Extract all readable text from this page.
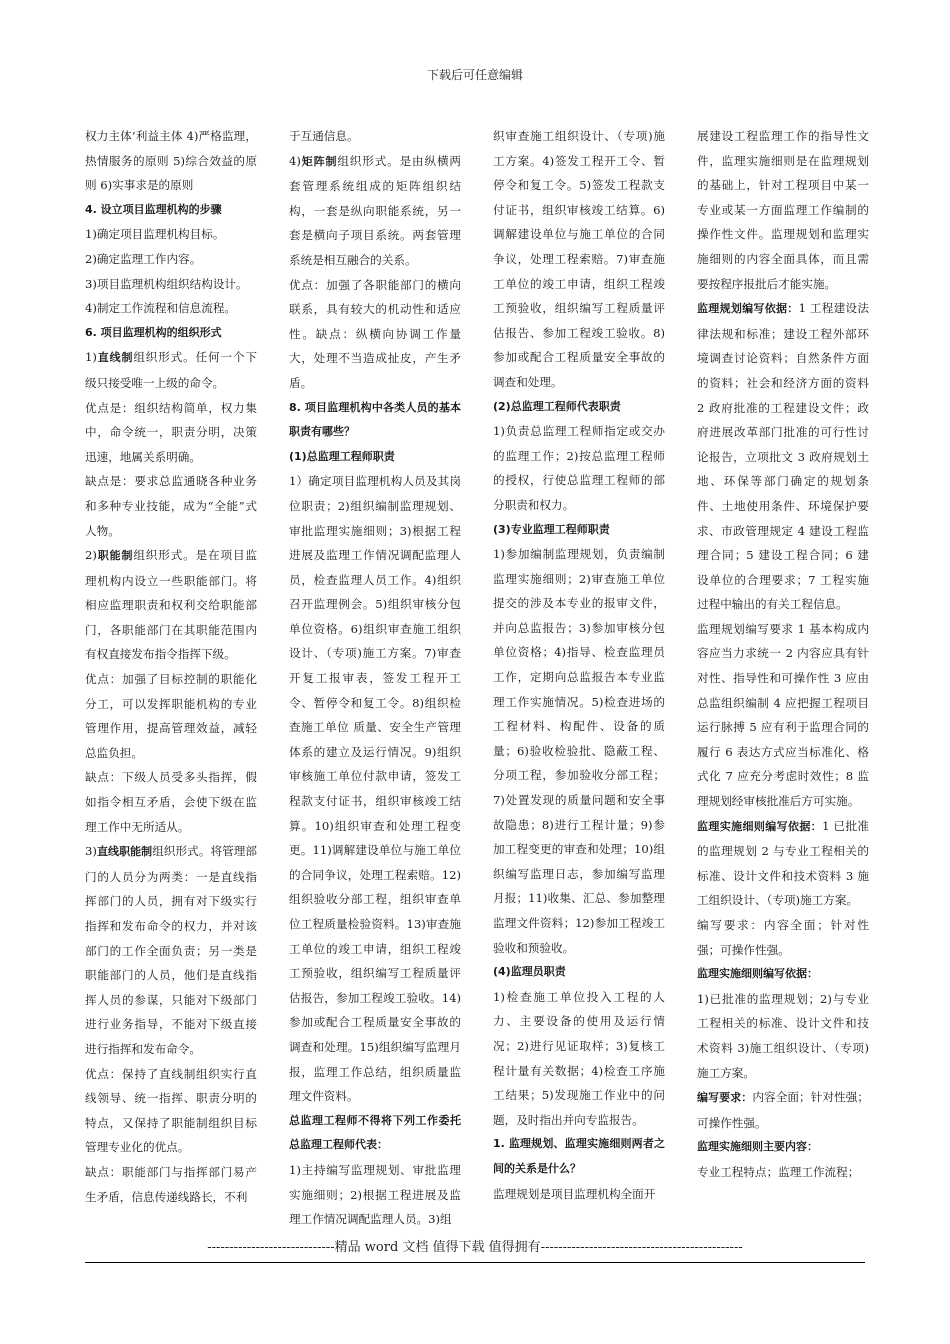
下载后可任意编辑

权力主体’利益主体 4)严格监理，热情服务的原则 5)综合效益的原则 6)实事求是的原则

4. 设立项目监理机构的步骤

1)确定项目监理机构目标。

2)确定监理工作内容。

3)项目监理机构组织结构设计。

4)制定工作流程和信息流程。

6. 项目监理机构的组织形式

1)直线制组织形式。任何一个下级只接受唯一上级的命令。

优点是：组织结构简单，权力集中，命令统一，职责分明，决策迅速，地属关系明确。

缺点是：要求总监通晓各种业务和多种专业技能，成为“全能”式人物。

2)职能制组织形式。是在项目监理机构内设立一些职能部门。将相应监理职责和权利交给职能部门，各职能部门在其职能范围内有权直接发布指令指挥下级。

优点：加强了目标控制的职能化分工，可以发挥职能机构的专业管理作用，提高管理效益，减轻总监负担。

缺点：下级人员受多头指挥，假如指令相互矛盾，会使下级在监理工作中无所适从。

3)直线职能制组织形式。将管理部门的人员分为两类：一是直线指挥部门的人员，拥有对下级实行指挥和发布命令的权力，并对该部门的工作全面负责；另一类是职能部门的人员，他们是直线指挥人员的参谋，只能对下级部门进行业务指导，不能对下级直接进行指挥和发布命令。

优点：保持了直线制组织实行直线领导、统一指挥、职责分明的特点，又保持了职能制组织目标管理专业化的优点。

缺点：职能部门与指挥部门易产生矛盾，信息传递线路长，不利

于互通信息。

4)矩阵制组织形式。是由纵横两套管理系统组成的矩阵组织结构，一套是纵向职能系统，另一套是横向子项目系统。两套管理系统是相互融合的关系。

优点：加强了各职能部门的横向联系，具有较大的机动性和适应性。缺点：纵横向协调工作量大，处理不当造成扯皮，产生矛盾。

8. 项目监理机构中各类人员的基本职责有哪些？

(1)总监理工程师职责

1）确定项目监理机构人员及其岗位职责；2)组织编制监理规划、审批监理实施细则；3)根据工程进展及监理工作情况调配监理人员，检查监理人员工作。4)组织召开监理例会。5)组织审核分包单位资格。6)组织审查施工组织设计、（专项)施工方案。7)审查开复工报审表，签发工程开工令、暂停令和复工令。8)组织检查施工单位 质量、安全生产管理体系的建立及运行情况。9)组织审核施工单位付款申请，签发工程款支付证书，组织审核竣工结算。10)组织审查和处理工程变更。11)调解建设单位与施工单位的合同争议，处理工程索赔。12)组织验收分部工程，组织审查单位工程质量检验资料。13)审查施工单位的竣工申请，组织工程竣工预验收，组织编写工程质量评估报告，参加工程竣工验收。14)参加或配合工程质量安全事故的调查和处理。15)组织编写监理月报，监理工作总结，组织质量监理文件资料。

总监理工程师不得将下列工作委托总监理工程师代表：

1)主持编写监理规划、审批监理实施细则；2)根据工程进展及监理工作情况调配监理人员。3)组

织审查施工组织设计、（专项)施工方案。4)签发工程开工令、暂停令和复工令。5)签发工程款支付证书，组织审核竣工结算。6)调解建设单位与施工单位的合同争议，处理工程索赔。7)审查施工单位的竣工申请，组织工程竣工预验收，组织编写工程质量评估报告、参加工程竣工验收。8)参加或配合工程质量安全事故的调查和处理。

(2)总监理工程师代表职责

1)负责总监理工程师指定或交办的监理工作；2)按总监理工程师的授权，行使总监理工程师的部分职责和权力。

(3)专业监理工程师职责

1)参加编制监理规划，负责编制监理实施细则；2)审查施工单位提交的涉及本专业的报审文件，并向总监报告；3)参加审核分包单位资格；4)指导、检查监理员工作，定期向总监报告本专业监理工作实施情况。5)检查进场的工程材料、构配件、设备的质量；6)验收检验批、隐蔽工程、分项工程，参加验收分部工程；7)处置发现的质量问题和安全事故隐患；8)进行工程计量；9)参加工程变更的审查和处理；10)组织编写监理日志，参加编写监理月报；11)收集、汇总、参加整理监理文件资料；12)参加工程竣工验收和预验收。

(4)监理员职责

1)检查施工单位投入工程的人力、主要设备的使用及运行情况；2)进行见证取样；3)复核工程计量有关数据；4)检查工序施工结果；5)发现施工作业中的问题，及时指出并向专监报告。

1. 监理规划、监理实施细则两者之间的关系是什么？

监理规划是项目监理机构全面开

展建设工程监理工作的指导性文件，监理实施细则是在监理规划的基础上，针对工程项目中某一专业或某一方面监理工作编制的操作性文件。监理规划和监理实施细则的内容全面具体，而且需要按程序报批后才能实施。

监理规划编写依据：1 工程建设法律法规和标准；建设工程外部环境调查讨论资料；自然条件方面的资料；社会和经济方面的资料 2 政府批准的工程建设文件；政府进展改革部门批准的可行性讨论报告，立项批文 3 政府规划土地、环保等部门确定的规划条件、土地使用条件、环境保护要求、市政管理规定 4 建设工程监理合同；5 建设工程合同；6 建设单位的合理要求；7 工程实施过程中输出的有关工程信息。

监理规划编写要求 1 基本构成内容应当力求统一 2 内容应具有针对性、指导性和可操作性 3 应由总监组织编制 4 应把握工程项目运行脉搏 5 应有利于监理合同的履行 6 表达方式应当标准化、格式化 7 应充分考虑时效性；8 监理规划经审核批准后方可实施。

监理实施细则编写依据：1 已批准的监理规划 2 与专业工程相关的标准、设计文件和技术资料 3 施工组织设计、（专项)施工方案。

编写要求：内容全面；针对性强；可操作性强。

监理实施细则编写依据：

1)已批准的监理规划；2)与专业工程相关的标准、设计文件和技术资料 3)施工组织设计、（专项)施工方案。

编写要求：内容全面；针对性强；可操作性强。

监理实施细则主要内容：

专业工程特点；监理工作流程；

-----------------------------精品 word 文档 值得下载 值得拥有----------------------------------------------
